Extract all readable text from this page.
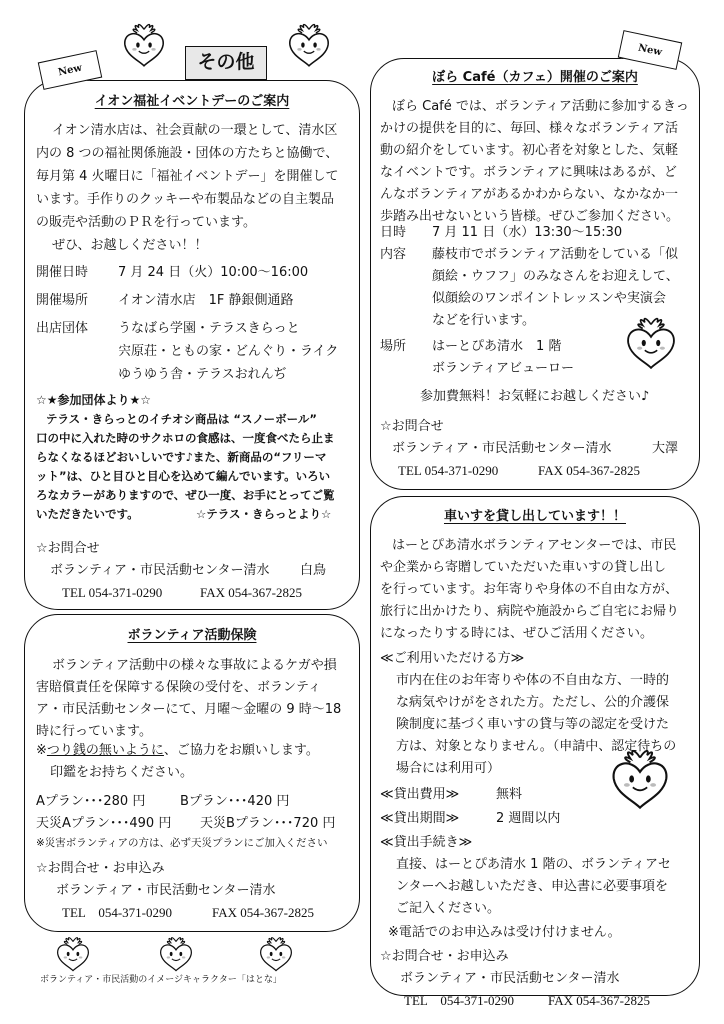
その他
New
イオン福祉イベントデーのご案内
イオン清水店は、社会貢献の一環として、清水区
内の 8 つの福祉関係施設・団体の方たちと協働で、
毎月第 4 火曜日に「福祉イベントデー」を開催して
います。手作りのクッキーや布製品などの自主製品
の販売や活動のＰＲを行っています。
ぜひ、お越しください！！
開催日時 7 月 24 日（火）10:00〜16:00
開催場所 イオン清水店　1F 静銀側通路
出店団体 うなばら学園・テラスきらっと
宍原荘・ともの家・どんぐり・ライク
ゆうゆう舎・テラスおれんぢ
☆★参加団体より★☆
テラス・きらっとのイチオシ商品は “スノーボール”
口の中に入れた時のサクホロの食感は、一度食べたら止ま
らなくなるほどおいしいです♪また、新商品の“フリーマ
ット”は、ひと目ひと目心を込めて編んでいます。いろい
ろなカラーがありますので、ぜひ一度、お手にとってご覧
いただきたいです。	☆テラス・きらっとより☆
☆お問合せ
ボランティア・市民活動センター清水 白鳥
TEL 054-371-0290	FAX 054-367-2825
ボランティア活動保険
ボランティア活動中の様々な事故によるケガや損
害賠償責任を保障する保険の受付を、ボランティ
ア・市民活動センターにて、月曜〜金曜の 9 時〜18
時に行っています。
※つり銭の無いように、ご協力をお願いします。
印鑑をお持ちください。
Aプラン･･･280 円	Bプラン･･･420 円
天災Aプラン･･･490 円 天災Bプラン･･･720 円
※災害ボランティアの方は、必ず天災プランにご加入ください
☆お問合せ・お申込み
ボランティア・市民活動センター清水
TEL　054-371-0290	FAX 054-367-2825
ボランティア・市民活動のイメージキャラクター「はとな」
New
ぼら Café（カフェ）開催のご案内
ぼら Café では、ボランティア活動に参加するきっ
かけの提供を目的に、毎回、様々なボランティア活
動の紹介をしています。初心者を対象とした、気軽
なイベントです。ボランティアに興味はあるが、ど
んなボランティアがあるかわからない、なかなか一
歩踏み出せないという皆様。ぜひご参加ください。
日時 7 月 11 日（水）13:30〜15:30
内容 藤枝市でボランティア活動をしている「似
顔絵・ウフフ」のみなさんをお迎えして、
似顔絵のワンポイントレッスンや実演会
などを行います。
場所 はーとぴあ清水　1 階
ボランティアビューロー
参加費無料！お気軽にお越しください♪
☆お問合せ
ボランティア・市民活動センター清水	大澤
TEL 054-371-0290	FAX 054-367-2825
車いすを貸し出しています！！
はーとぴあ清水ボランティアセンターでは、市民
や企業から寄贈していただいた車いすの貸し出し
を行っています。お年寄りや身体の不自由な方が、
旅行に出かけたり、病院や施設からご自宅にお帰り
になったりする時には、ぜひご活用ください。
≪ご利用いただける方≫
市内在住のお年寄りや体の不自由な方、一時的
な病気やけがをされた方。ただし、公的介護保
険制度に基づく車いすの貸与等の認定を受けた
方は、対象となりません。（申請中、認定待ちの
場合には利用可）
≪貸出費用≫	無料
≪貸出期間≫	2 週間以内
≪貸出手続き≫
直接、はーとぴあ清水 1 階の、ボランティアセ
ンターへお越しいただき、申込書に必要事項を
ご記入ください。
※電話でのお申込みは受け付けません。
☆お問合せ・お申込み
ボランティア・市民活動センター清水
TEL　054-371-0290	FAX 054-367-2825
